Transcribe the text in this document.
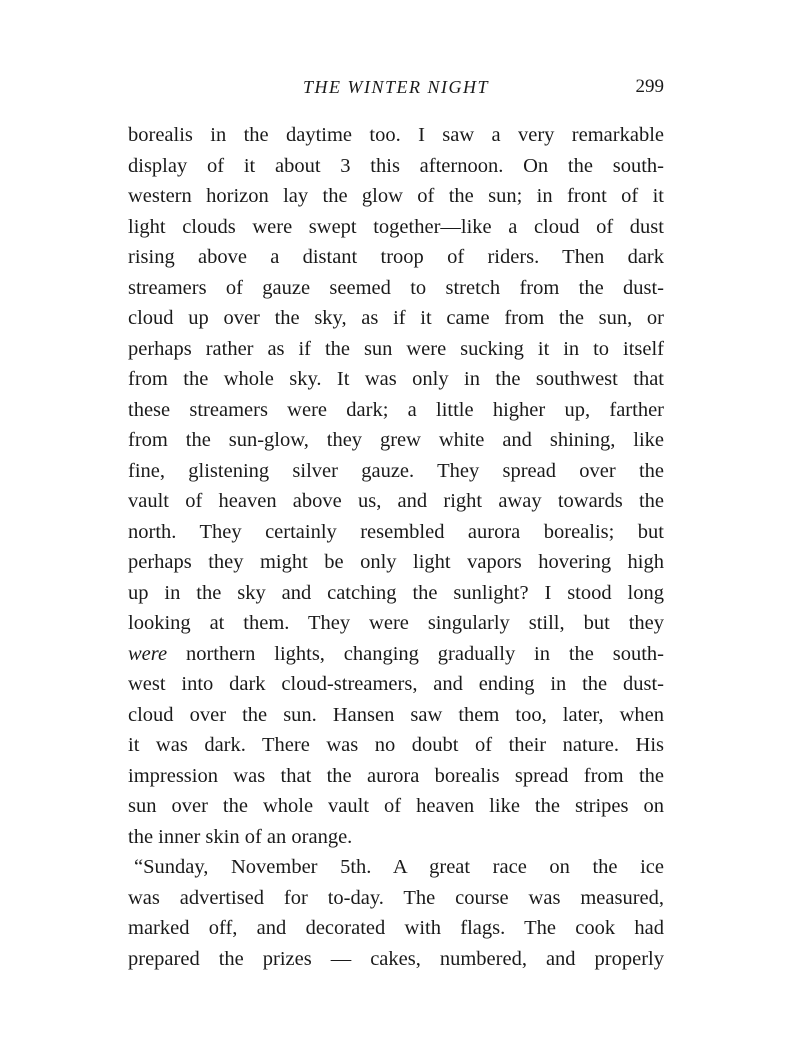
THE WINTER NIGHT	299
borealis in the daytime too. I saw a very remarkable
display of it about 3 this afternoon. On the south-
western horizon lay the glow of the sun; in front of it
light clouds were swept together—like a cloud of dust
rising above a distant troop of riders. Then dark
streamers of gauze seemed to stretch from the dust-
cloud up over the sky, as if it came from the sun, or
perhaps rather as if the sun were sucking it in to itself
from the whole sky. It was only in the southwest that
these streamers were dark; a little higher up, farther
from the sun-glow, they grew white and shining, like
fine, glistening silver gauze. They spread over the
vault of heaven above us, and right away towards the
north. They certainly resembled aurora borealis; but
perhaps they might be only light vapors hovering high
up in the sky and catching the sunlight? I stood long
looking at them. They were singularly still, but they
were northern lights, changing gradually in the south-
west into dark cloud-streamers, and ending in the dust-
cloud over the sun. Hansen saw them too, later, when
it was dark. There was no doubt of their nature. His
impression was that the aurora borealis spread from the
sun over the whole vault of heaven like the stripes on
the inner skin of an orange.
“Sunday, November 5th. A great race on the ice
was advertised for to-day. The course was measured,
marked off, and decorated with flags. The cook had
prepared the prizes — cakes, numbered, and properly
